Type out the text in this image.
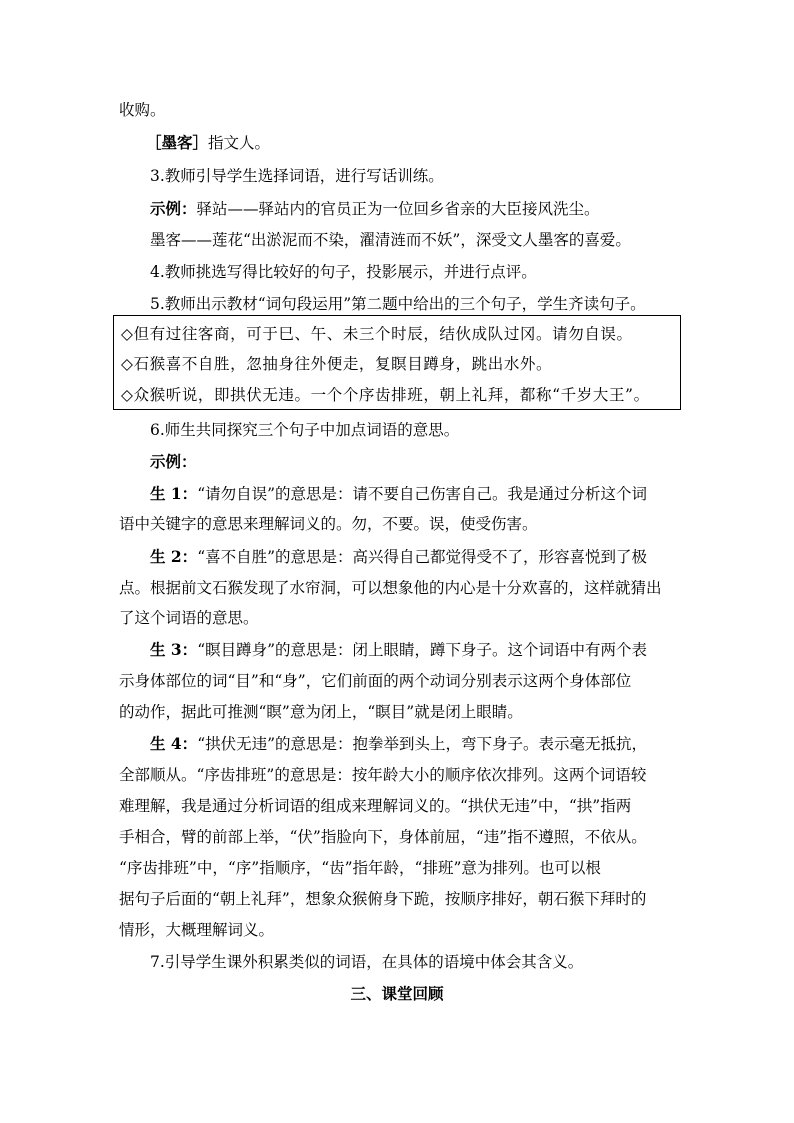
收购。
［墨客］指文人。
3.教师引导学生选择词语，进行写话训练。
示例：驿站——驿站内的官员正为一位回乡省亲的大臣接风洗尘。
墨客——莲花“出淤泥而不染，濯清涟而不妖”，深受文人墨客的喜爱。
4.教师挑选写得比较好的句子，投影展示，并进行点评。
5.教师出示教材“词句段运用”第二题中给出的三个句子，学生齐读句子。
◇但有过往客商，可于巳、午、未三个时辰，结伙成队过冈。请勿自误。
◇石猴喜不自胜，忽抽身往外便走，复瞑目蹲身，跳出水外。
◇众猴听说，即拱伏无违。一个个序齿排班，朝上礼拜，都称“千岁大王”。
6.师生共同探究三个句子中加点词语的意思。
示例：
生 1：“请勿自误”的意思是：请不要自己伤害自己。我是通过分析这个词
语中关键字的意思来理解词义的。勿，不要。误，使受伤害。
生 2：“喜不自胜”的意思是：高兴得自己都觉得受不了，形容喜悦到了极
点。根据前文石猴发现了水帘洞，可以想象他的内心是十分欢喜的，这样就猜出
了这个词语的意思。
生 3：“瞑目蹲身”的意思是：闭上眼睛，蹲下身子。这个词语中有两个表
示身体部位的词“目”和“身”，它们前面的两个动词分别表示这两个身体部位
的动作，据此可推测“瞑”意为闭上，“瞑目”就是闭上眼睛。
生 4：“拱伏无违”的意思是：抱拳举到头上，弯下身子。表示毫无抵抗，
全部顺从。“序齿排班”的意思是：按年龄大小的顺序依次排列。这两个词语较
难理解，我是通过分析词语的组成来理解词义的。“拱伏无违”中，“拱”指两
手相合，臂的前部上举，“伏”指脸向下，身体前屈，“违”指不遵照，不依从。
“序齿排班”中，“序”指顺序，“齿”指年龄，“排班”意为排列。也可以根
据句子后面的“朝上礼拜”，想象众猴俯身下跪，按顺序排好，朝石猴下拜时的
情形，大概理解词义。
7.引导学生课外积累类似的词语，在具体的语境中体会其含义。
三、课堂回顾
